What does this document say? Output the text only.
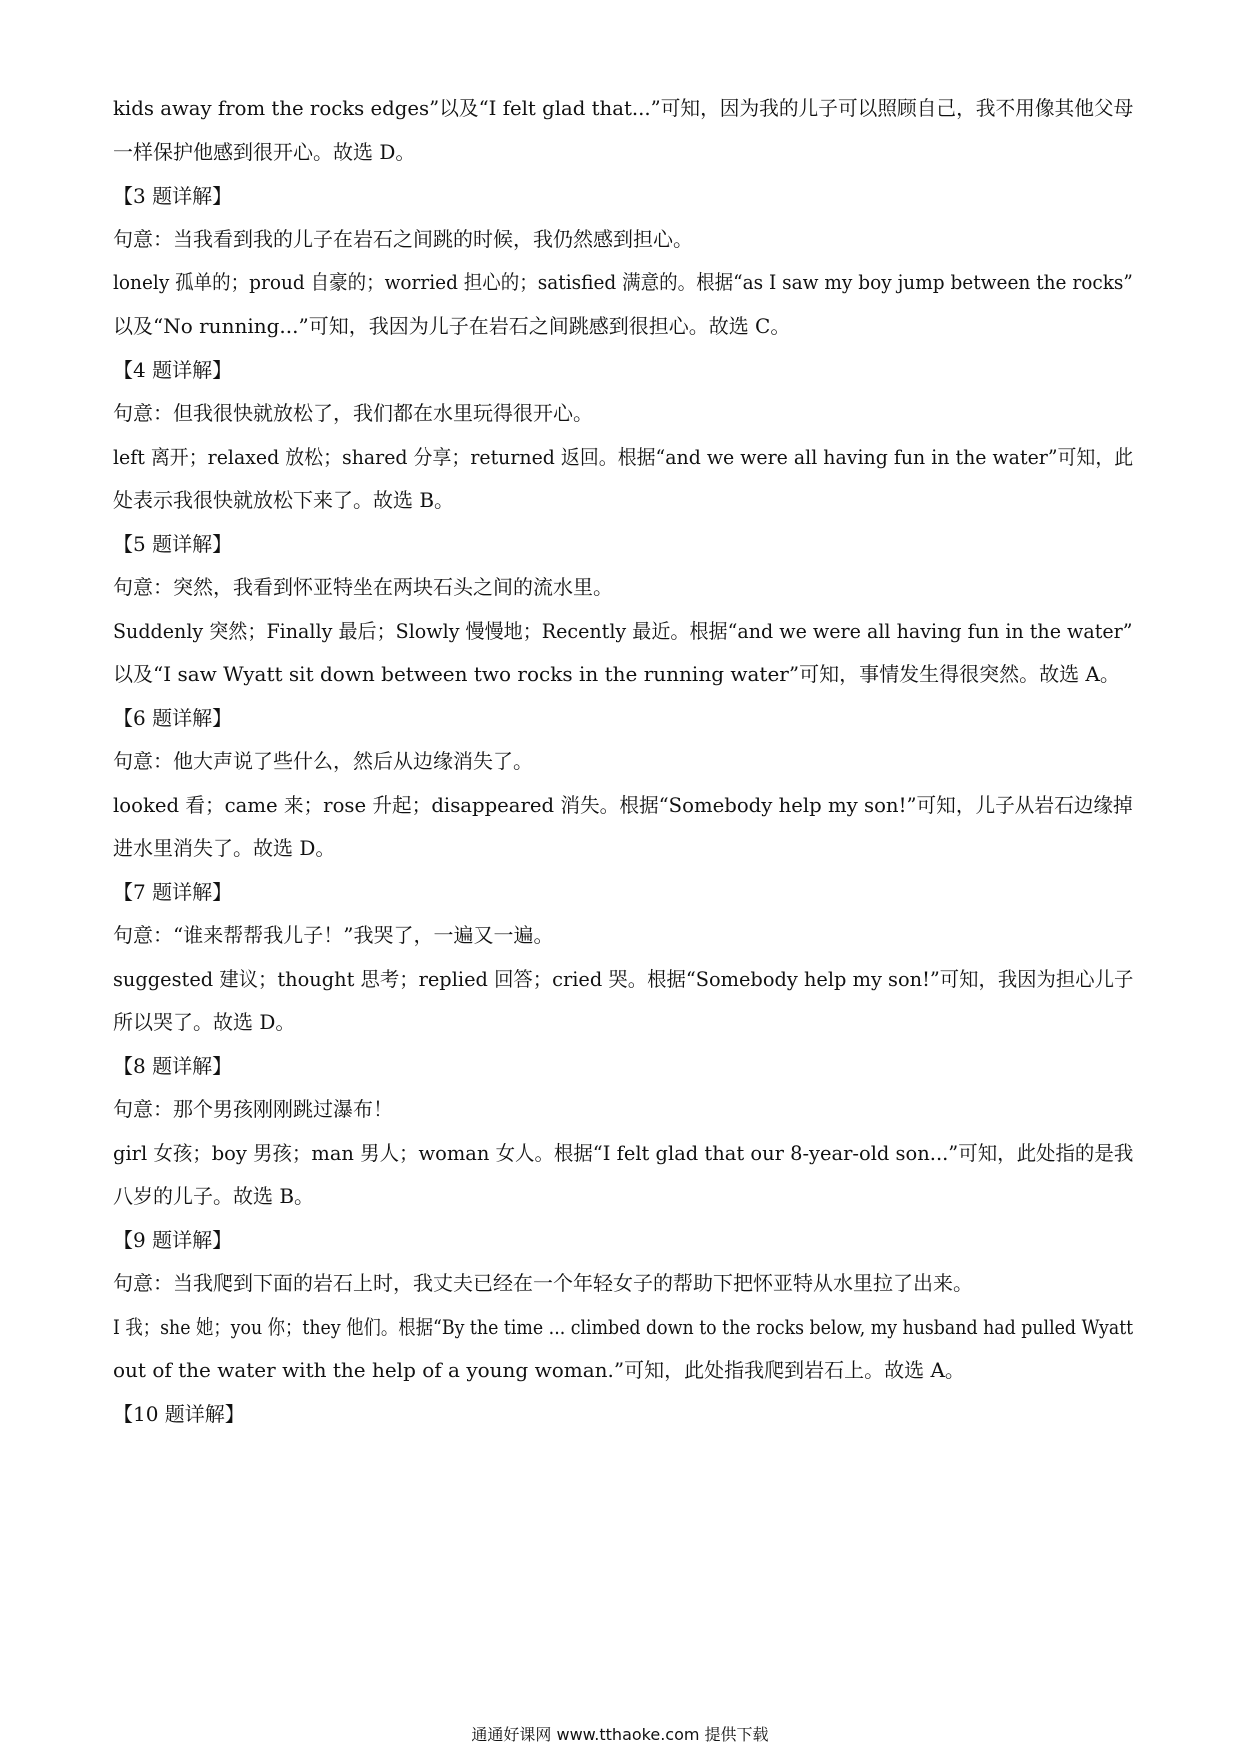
kids away from the rocks edges”以及“I felt glad that...”可知，因为我的儿子可以照顾自己，我不用像其他父母
一样保护他感到很开心。故选 D。
【3 题详解】
句意：当我看到我的儿子在岩石之间跳的时候，我仍然感到担心。
lonely 孤单的；proud 自豪的；worried 担心的；satisfied 满意的。根据“as I saw my boy jump between the rocks”
以及“No running...”可知，我因为儿子在岩石之间跳感到很担心。故选 C。
【4 题详解】
句意：但我很快就放松了，我们都在水里玩得很开心。
left 离开；relaxed 放松；shared 分享；returned 返回。根据“and we were all having fun in the water”可知，此
处表示我很快就放松下来了。故选 B。
【5 题详解】
句意：突然，我看到怀亚特坐在两块石头之间的流水里。
Suddenly 突然；Finally 最后；Slowly 慢慢地；Recently 最近。根据“and we were all having fun in the water”
以及“I saw Wyatt sit down between two rocks in the running water”可知，事情发生得很突然。故选 A。
【6 题详解】
句意：他大声说了些什么，然后从边缘消失了。
looked 看；came 来；rose 升起；disappeared 消失。根据“Somebody help my son!”可知，儿子从岩石边缘掉
进水里消失了。故选 D。
【7 题详解】
句意：“谁来帮帮我儿子！”我哭了，一遍又一遍。
suggested 建议；thought 思考；replied 回答；cried 哭。根据“Somebody help my son!”可知，我因为担心儿子
所以哭了。故选 D。
【8 题详解】
句意：那个男孩刚刚跳过瀑布！
girl 女孩；boy 男孩；man 男人；woman 女人。根据“I felt glad that our 8-year-old son...”可知，此处指的是我
八岁的儿子。故选 B。
【9 题详解】
句意：当我爬到下面的岩石上时，我丈夫已经在一个年轻女子的帮助下把怀亚特从水里拉了出来。
I 我；she 她；you 你；they 他们。根据“By the time ... climbed down to the rocks below, my husband had pulled Wyatt
out of the water with the help of a young woman.”可知，此处指我爬到岩石上。故选 A。
【10 题详解】
通通好课网 www.tthaoke.com 提供下载
